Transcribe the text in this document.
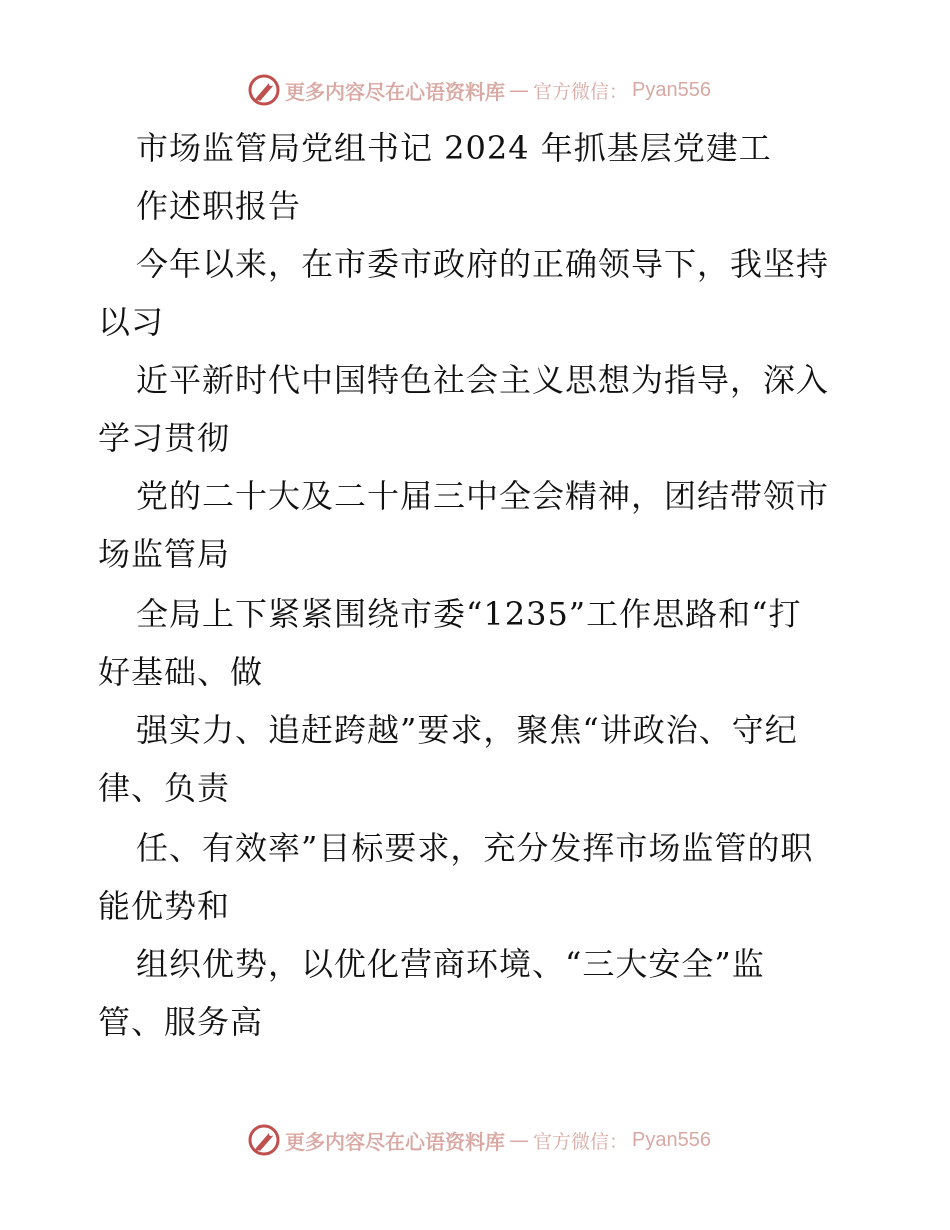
更多内容尽在心语资料库 — 官方微信： Pyan556
市场监管局党组书记 2024 年抓基层党建工
作述职报告
今年以来，在市委市政府的正确领导下，我坚持
以习
近平新时代中国特色社会主义思想为指导，深入
学习贯彻
党的二十大及二十届三中全会精神，团结带领市
场监管局
全局上下紧紧围绕市委“1235”工作思路和“打
好基础、做
强实力、追赶跨越”要求，聚焦“讲政治、守纪
律、负责
任、有效率”目标要求，充分发挥市场监管的职
能优势和
组织优势，以优化营商环境、“三大安全”监
管、服务高
更多内容尽在心语资料库 — 官方微信： Pyan556
